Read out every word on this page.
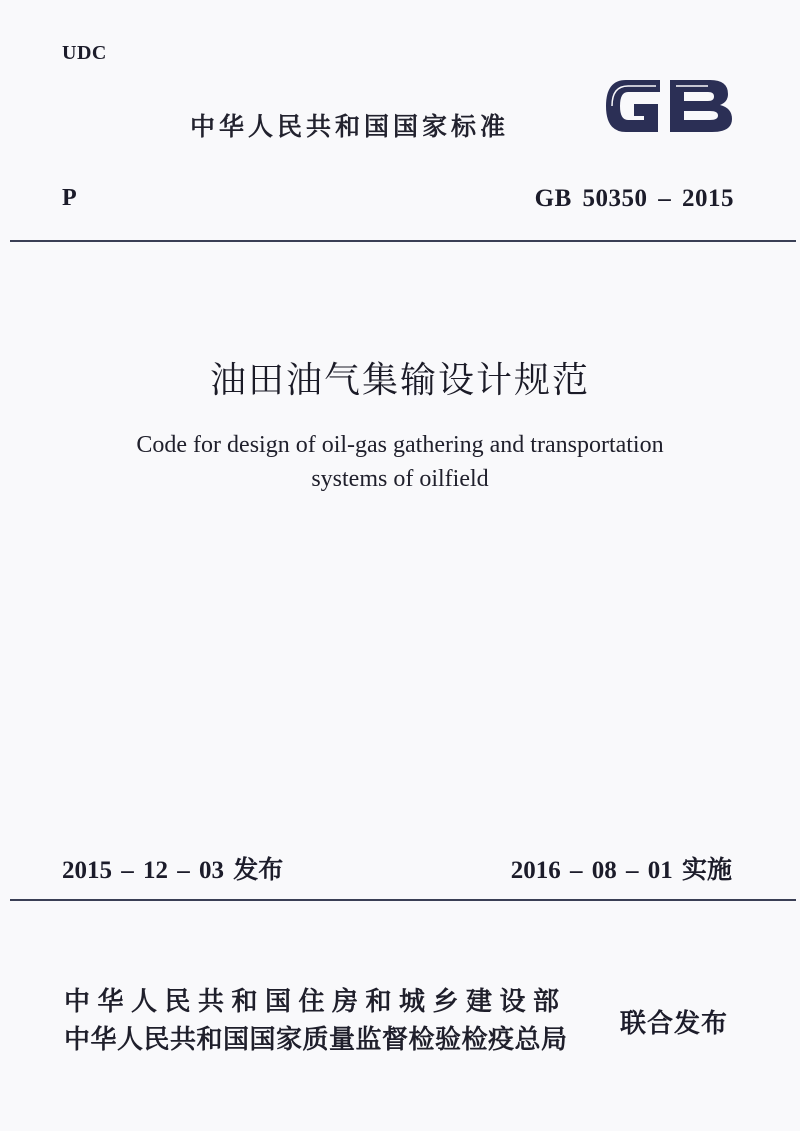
UDC
中华人民共和国国家标准
P	GB 50350 – 2015
油田油气集输设计规范
Code for design of oil-gas gathering and transportation
systems of oilfield
2015 – 12 – 03 发布	2016 – 08 – 01 实施
中华人民共和国住房和城乡建设部
中华人民共和国国家质量监督检验检疫总局
联合发布
